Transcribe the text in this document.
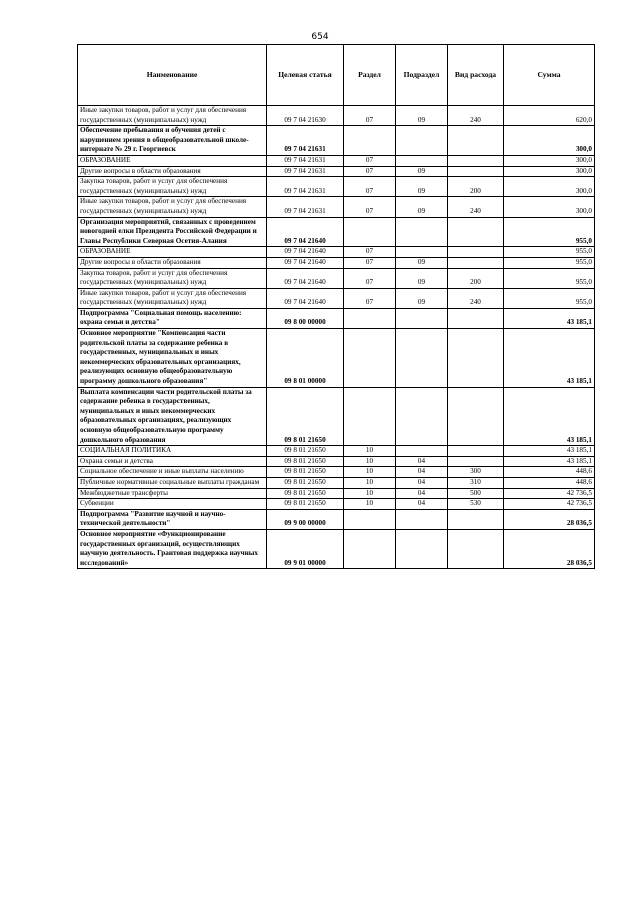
654
Наименование	Целевая статья	Раздел	Подраздел	Вид расхода	Сумма
Иные закупки товаров, работ и услуг для обеспечения государственных (муниципальных) нужд	09 7 04 21630	07	09	240	620,0
Обеспечение пребывания и обучения детей с нарушением зрения в общеобразовательной школе-интернате № 29 г. Георгиевск	09 7 04 21631				300,0
ОБРАЗОВАНИЕ	09 7 04 21631	07			300,0
Другие вопросы в области образования	09 7 04 21631	07	09		300,0
Закупка товаров, работ и услуг для обеспечения государственных (муниципальных) нужд	09 7 04 21631	07	09	200	300,0
Иные закупки товаров, работ и услуг для обеспечения государственных (муниципальных) нужд	09 7 04 21631	07	09	240	300,0
Организация мероприятий, связанных с проведением новогодней елки Президента Российской Федерации и Главы Республики Северная Осетия-Алания	09 7 04 21640				955,0
ОБРАЗОВАНИЕ	09 7 04 21640	07			955,0
Другие вопросы в области образования	09 7 04 21640	07	09		955,0
Закупка товаров, работ и услуг для обеспечения государственных (муниципальных) нужд	09 7 04 21640	07	09	200	955,0
Иные закупки товаров, работ и услуг для обеспечения государственных (муниципальных) нужд	09 7 04 21640	07	09	240	955,0
Подпрограмма "Социальная помощь населению: охрана семьи и детства"	09 8 00 00000				43 185,1
Основное мероприятие "Компенсация части родительской платы за содержание ребенка в государственных, муниципальных и иных некоммерческих образовательных организациях, реализующих основную общеобразовательную программу дошкольного образования"	09 8 01 00000				43 185,1
Выплата компенсации части родительской платы за содержание ребенка в государственных, муниципальных и иных некоммерческих образовательных организациях, реализующих основную общеобразовательную программу дошкольного образования	09 8 01 21650				43 185,1
СОЦИАЛЬНАЯ ПОЛИТИКА	09 8 01 21650	10			43 185,1
Охрана семьи и детства	09 8 01 21650	10	04		43 185,1
Социальное обеспечение и иные выплаты населению	09 8 01 21650	10	04	300	448,6
Публичные нормативные социальные выплаты гражданам	09 8 01 21650	10	04	310	448,6
Межбюджетные трансферты	09 8 01 21650	10	04	500	42 736,5
Субвенции	09 8 01 21650	10	04	530	42 736,5
Подпрограмма "Развитие научной и научно-технической деятельности"	09 9 00 00000				28 036,5
Основное мероприятие «Функционирование государственных организаций, осуществляющих научную деятельность. Грантовая поддержка научных исследований»	09 9 01 00000				28 036,5
